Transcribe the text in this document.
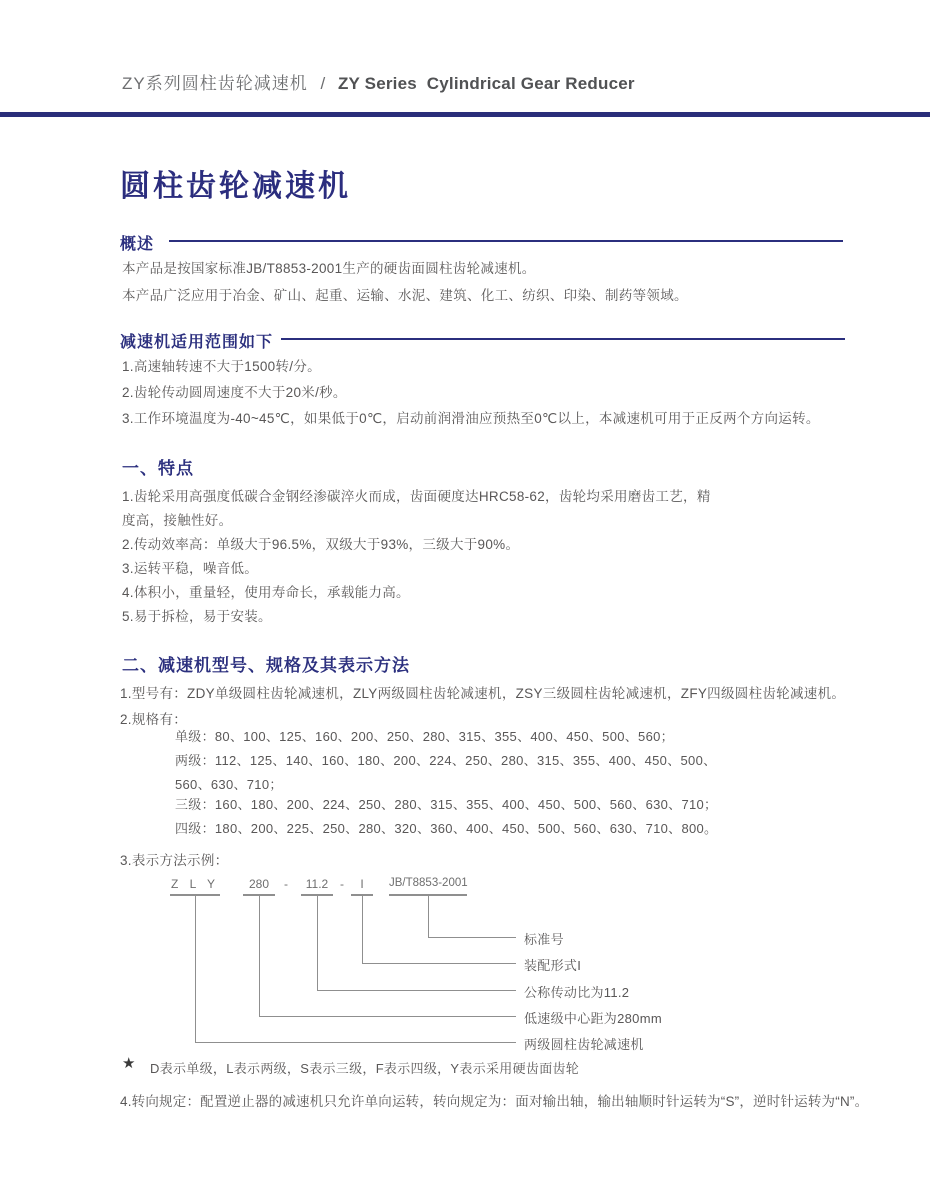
ZY系列圆柱齿轮减速机 / ZY Series  Cylindrical Gear Reducer
圆柱齿轮减速机
概述
本产品是按国家标准JB/T8853-2001生产的硬齿面圆柱齿轮减速机。
本产品广泛应用于冶金、矿山、起重、运输、水泥、建筑、化工、纺织、印染、制药等领域。
减速机适用范围如下
1.高速轴转速不大于1500转/分。
2.齿轮传动圆周速度不大于20米/秒。
3.工作环境温度为-40~45℃，如果低于0℃，启动前润滑油应预热至0℃以上，本减速机可用于正反两个方向运转。
一、特点
1.齿轮采用高强度低碳合金钢经渗碳淬火而成，齿面硬度达HRC58-62，齿轮均采用磨齿工艺，精
度高，接触性好。
2.传动效率高：单级大于96.5%，双级大于93%，三级大于90%。
3.运转平稳，噪音低。
4.体积小，重量轻，使用寿命长，承载能力高。
5.易于拆检，易于安装。
二、减速机型号、规格及其表示方法
1.型号有：ZDY单级圆柱齿轮减速机，ZLY两级圆柱齿轮减速机，ZSY三级圆柱齿轮减速机，ZFY四级圆柱齿轮减速机。
2.规格有：
单级：80、100、125、160、200、250、280、315、355、400、450、500、560；
两级：112、125、140、160、180、200、224、250、280、315、355、400、450、500、
560、630、710；
三级：160、180、200、224、250、280、315、355、400、450、500、560、630、710；
四级：180、200、225、250、280、320、360、400、450、500、560、630、710、800。
3.表示方法示例：
Z L Y	280	-	11.2 -	I	JB/T8853-2001
标准号
装配形式I
公称传动比为11.2
低速级中心距为280mm
两级圆柱齿轮减速机
★ D表示单级，L表示两级，S表示三级，F表示四级，Y表示采用硬齿面齿轮
4.转向规定：配置逆止器的减速机只允许单向运转，转向规定为：面对输出轴，输出轴顺时针运转为“S”，逆时针运转为“N”。
